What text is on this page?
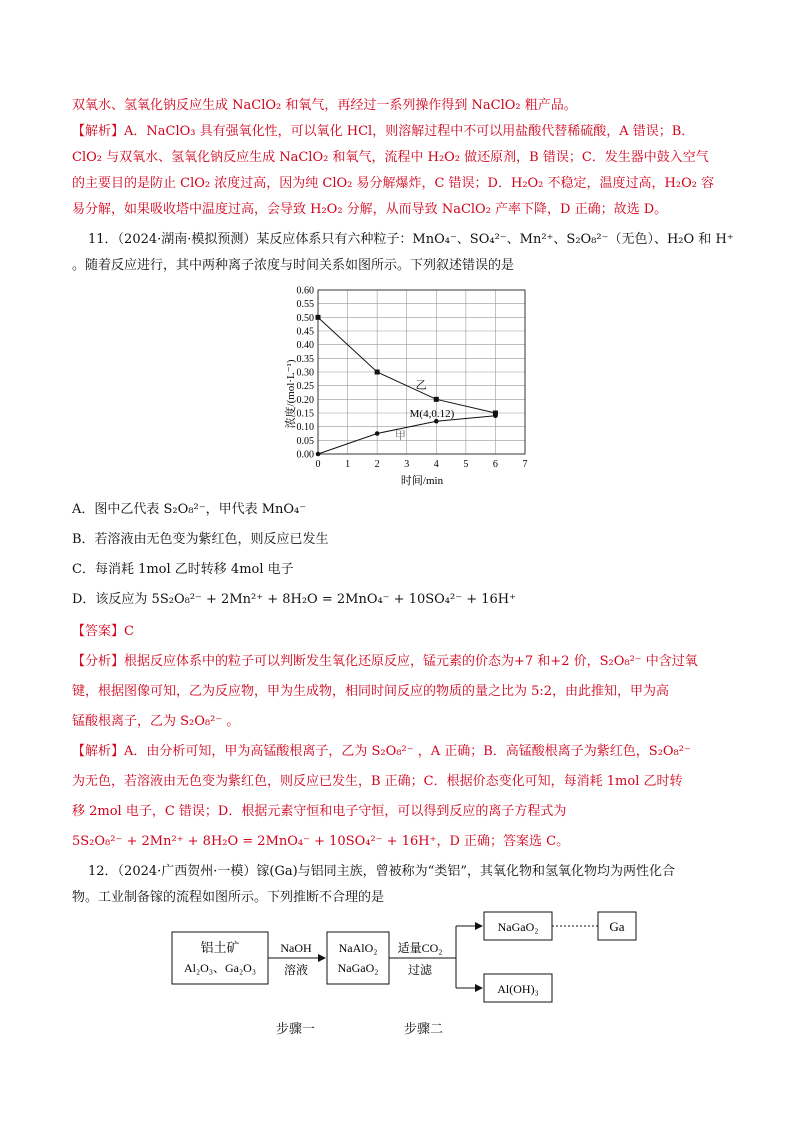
双氧水、氢氧化钠反应生成 NaClO₂ 和氧气，再经过一系列操作得到 NaClO₂ 粗产品。
【解析】A．NaClO₃ 具有强氧化性，可以氧化 HCl，则溶解过程中不可以用盐酸代替稀硫酸，A 错误；B．
ClO₂ 与双氧水、氢氧化钠反应生成 NaClO₂ 和氧气，流程中 H₂O₂ 做还原剂，B 错误；C．发生器中鼓入空气
的主要目的是防止 ClO₂ 浓度过高，因为纯 ClO₂ 易分解爆炸，C 错误；D．H₂O₂ 不稳定，温度过高，H₂O₂ 容
易分解，如果吸收塔中温度过高，会导致 H₂O₂ 分解，从而导致 NaClO₂ 产率下降，D 正确；故选 D。
11．（2024·湖南·模拟预测）某反应体系只有六种粒子：MnO₄⁻、SO₄²⁻、Mn²⁺、S₂O₈²⁻（无色）、H₂O 和 H⁺
。随着反应进行，其中两种离子浓度与时间关系如图所示。下列叙述错误的是
0.00
0.05
0.10
0.15
0.20
0.25
0.30
0.35
0.40
0.45
0.50
0.55
0.60
0 1 2 3 4 5 6 7
乙
甲
浓度/(mol·L⁻¹)
时间/min
M(4,0.12)
A．图中乙代表 S₂O₈²⁻，甲代表 MnO₄⁻
B．若溶液由无色变为紫红色，则反应已发生
C．每消耗 1mol 乙时转移 4mol 电子
D．该反应为 5S₂O₈²⁻ + 2Mn²⁺ + 8H₂O = 2MnO₄⁻ + 10SO₄²⁻ + 16H⁺
【答案】C
【分析】根据反应体系中的粒子可以判断发生氧化还原反应，锰元素的价态为+7 和+2 价，S₂O₈²⁻ 中含过氧
键，根据图像可知，乙为反应物，甲为生成物，相同时间反应的物质的量之比为 5:2，由此推知，甲为高
锰酸根离子，乙为 S₂O₈²⁻ 。
【解析】A．由分析可知，甲为高锰酸根离子，乙为 S₂O₈²⁻ ，A 正确；B．高锰酸根离子为紫红色，S₂O₈²⁻
为无色，若溶液由无色变为紫红色，则反应已发生，B 正确；C．根据价态变化可知，每消耗 1mol 乙时转
移 2mol 电子，C 错误；D．根据元素守恒和电子守恒，可以得到反应的离子方程式为
5S₂O₈²⁻ + 2Mn²⁺ + 8H₂O = 2MnO₄⁻ + 10SO₄²⁻ + 16H⁺，D 正确；答案选 C。
12．（2024·广西贺州·一模）镓(Ga)与铝同主族，曾被称为“类铝”，其氧化物和氢氧化物均为两性化合
物。工业制备镓的流程如图所示。下列推断不合理的是
铝土矿
Al₂O₃、Ga₂O₃
NaOH
溶液
NaAlO₂
NaGaO₂
适量CO₂
过滤
NaGaO₂	Ga
Al(OH)₃
步骤一	步骤二
